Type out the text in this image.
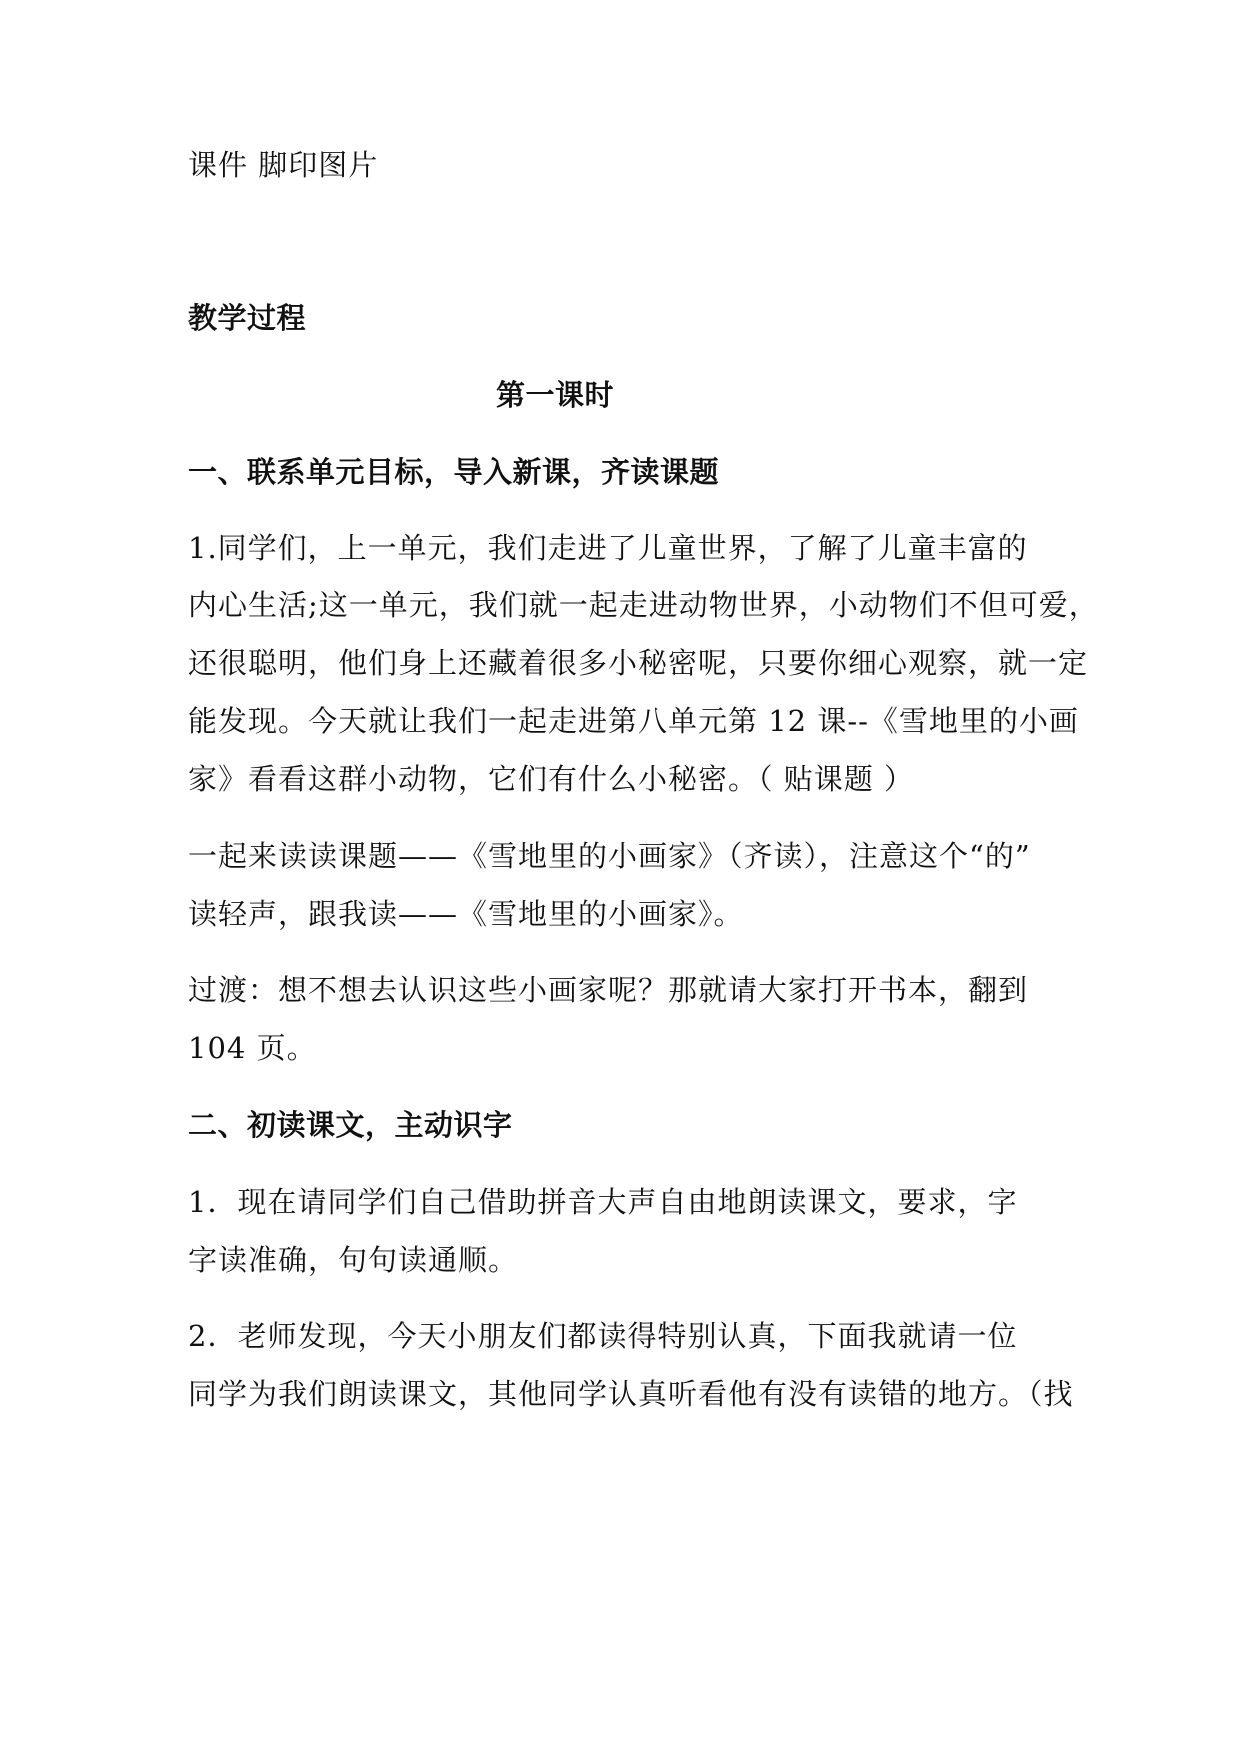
课件 脚印图片
教学过程
第一课时
一、联系单元目标，导入新课，齐读课题
1.同学们，上一单元，我们走进了儿童世界，了解了儿童丰富的
内心生活;这一单元，我们就一起走进动物世界，小动物们不但可爱，
还很聪明，他们身上还藏着很多小秘密呢，只要你细心观察，就一定
能发现。今天就让我们一起走进第八单元第 12 课--《雪地里的小画
家》看看这群小动物，它们有什么小秘密。（ 贴课题 ）
一起来读读课题——《雪地里的小画家》（齐读），注意这个“的”
读轻声，跟我读——《雪地里的小画家》。
过渡：想不想去认识这些小画家呢？那就请大家打开书本，翻到
104 页。
二、初读课文，主动识字
1．现在请同学们自己借助拼音大声自由地朗读课文，要求，字
字读准确，句句读通顺。
2．老师发现，今天小朋友们都读得特别认真，下面我就请一位
同学为我们朗读课文，其他同学认真听看他有没有读错的地方。（找
